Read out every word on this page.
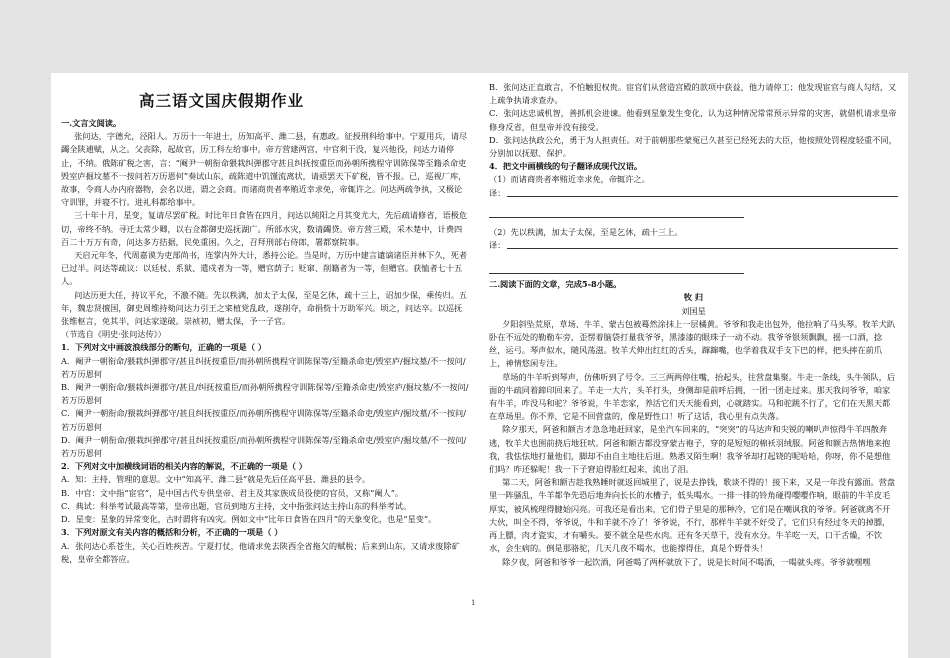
高三语文国庆假期作业
一.文言文阅读。
张问达，字德允，泾阳人。万历十一年进士，历知高平、潍二县，有惠政。征授刑科给事中。宁夏用兵，请尽蠲全陕逋赋，从之。父丧除，起故官，历工科左给事中。帝方营建两宫，中官利干没，复兴他役，问达力请停止，不纳。俄陈矿税之害，言：“阉尹一朝衔命猥栽纠弹郡守甚且纠抚按重臣而孙朝所携程守训陈保等至籍杀命吏毁室庐掘坟墓不一按问若万历恩何”奏试山东，疏陈道中饥馑流离状，请亟罢天下矿税，皆不报。已，巡视厂库，故事，令商人办内府器物，会名以进，谓之会商。而诸商贵者率贿近幸求免，帝辄许之。问达两疏争执，又极论守训罪，并寝不行。进礼科都给事中。
三十年十月，星变，复请尽罢矿税。时比年日食皆在四月，问达以純阳之月其变尤大，先后疏请修省，语极危切，帝终不纳。寻迁太常少卿，以右佥都御史巡抚湖广。所部水灾，数请蠲贷。帝方营三殿，采木楚中，计费四百二十万万有奇，问达多方拮据，民免重困。久之，召拜刑部右侍郎，署都察院事。
天启元年冬，代周嘉谟为吏部尚书，连掌内外大计，悉持公论。当是时，万历中建言谴谪诸臣并林下久，死者已过半。问达等疏议：以廷杖、系狱、遣戍者为一等，赠官荫子；贬窜、削籍者为一等，但赠官。获恤者七十五人。
问达历更大任，持议平允，不激不随。先以秩满，加太子太保，至是乞休，疏十三上，诏加少保，乘传归。五年，魏忠贤擅国，御史周维持劾问达力引王之寀植党乱政，遂削夺，命捐赀十万助军兴。顷之，问达卒。以巡抚张维枢言，免其半，问达家遂破。崇祯初，赠太保，予一子官。
（节选自《明史·张问达传》）
1．下列对文中画波浪线部分的断句，正确的一项是（ ）
A．阉尹一朝衔命/猥栽纠弹郡守/甚且纠抚按重臣/而孙朝所携程守训陈保等/至籍杀命吏/毁室庐/掘坟墓/不一按问/若万历恩何
B．阉尹一朝衔命/猥栽纠弹郡守/甚且/纠抚按重臣/而孙朝所携程守训陈保等/至籍杀命吏/毁室庐/掘坟墓/不一按问/若万历恩何
C．阉尹一朝衔命/猥栽纠弹郡守/甚且纠抚按重臣/而孙朝所携程守训陈保等/至籍杀命吏/毁室庐/掘坟墓/不一按问/若万历恩何
D．阉尹一朝衔命/猥栽纠弹郡守/甚且纠抚按重臣/而孙朝所携程守训陈保等/至籍杀命吏/毁室庐/掘坟墓/不一按问/若万历恩何
2．下列对文中加横线词语的相关内容的解说，不正确的一项是（ ）
A．知：主持、管理的意思。文中“知高平、潍二县”就是先后任高平县、潍县的县令。
B．中官：文中指“宦官”，是中国古代专供皇帝、君主及其家族成员役使的官员，又称“阉人”。
C．典试：科举考试最高等第，皇帝出题，官员到地方主持，文中指张问达主持山东的科举考试。
D．星变：星象的异常变化，古时谓将有凶灾。例如文中“比年日食皆在四月”的天象变化，也是“星变”。
3．下列对原文有关内容的概括和分析，不正确的一项是（ ）
A．张问达心系苍生，关心百姓疾苦。宁夏打仗，他请求免去陕西全省拖欠的赋税；后来到山东，又请求废除矿税，皇帝全都答应。
B．张问达正直敢言，不怕触犯权贵。宦官们从营造宫殿的款项中获益，他力请停工；他发现宦官与商人勾结，又上疏争执请求查办。
C．张问达忠诚机智，善抓机会进谏。他看到星象发生变化，认为这种情况常常预示异常的灾害，就借机请求皇帝修身反省，但皇帝并没有接受。
D．张问达执政公允，勇于为人担责任。对于前朝那些蒙冤已久甚至已经死去的大臣，他按照处罚程度轻重不同，分别加以抚慰、保护。
4．把文中画横线的句子翻译成现代汉语。
（1）而诸商贵者率贿近幸求免，帝辄许之。
译：
（2）先以秩满，加太子太保，至是乞休，疏十三上。
译：
二.阅读下面的文章，完成5-8小题。
牧 归
刘国星
夕阳斜坠荒原，草场、牛羊、蒙古包被蓦然涂抹上一层橘黄。爷爷和我走出包外，他拉响了马头琴。牧羊犬趴卧在不远处的勒勒车旁，歪愣着脑袋打量我爷爷，黑漆漆的眼珠子一动不动。我爷爷银须飘飘，摇一口酒，捻丝，运弓。琴声似水，随风荡滋。牧羊犬伸出红红的舌头，蹿蹿嘴，也学着我双手支下巴的样，把头摔在前爪上，神情悠闲专注。
草场的牛羊听到琴声，仿佛听到了号令。三三两两停住嘴，抬起头，往营盘集聚。牛走一条线，头牛领队，后面的牛疏同着蹄印回来了。羊走一大片，头羊打头，身侧却是前呼后拥，一团一团走过来。那天我问爷爷，咱家有牛羊，咋没马和驼？爷爷说，牛羊恋家，养活它们天天能看到，心就踏实。马和驼跳不行了，它们在天黑天都在草场里。你不养，它是不回营盘的，像是野性口！听了这话，我心里有点失落。
除夕那天，阿爸和额吉才急急地赶回家，是坐汽车回来的，“突突”的马达声和尖锐的喇叭声惊得牛羊四散奔逃，牧羊犬也围前挠后地狂吠。阿爸和额吉都没穿蒙古袍子，穿的是短短的棉袄羽绒服。阿爸和额吉热情地来抱我，我怯怯地打量他们，脚却不由自主地往后退。熟悉又陌生啊！我爷爷却打起铙的呢哈哈，你呀，你不是想他们吗？咋还躲呢！我一下子窘迫得脸红起来，流出了泪。
第二天，阿爸和额吉趁我熟睡时就返回城里了，说是去挣钱，歌谈不得的！接下来，又是一年没有露面。营盘里一阵骚乱，牛羊都争先恐后地奔向长长的水槽子，低头喝水。一排一排的铃角碰得嘤嘤作响，眼前的牛羊皮毛厚实，被风梳理得腱始闪亮。可我还是看出来，它们骨子里是的那种冷，它们是在嘲讽我的爷爷。阿爸就离不开大伙，叫全不得，爷爷说，牛和羊就不冷了！爷爷说，不行，那样牛羊就不好受了，它们只有经过冬天的掉膘，再上膘，肉才瓷实，才有嚼头。要不就全是些水肉。还有冬天草干，没有水分。牛羊吃一天，口干舌燥，不饮水，会生病的。倒是那骆驼，几天几夜不喝水，也能撑得住，真是个野骨头！
除夕夜，阿爸和爷爷一起饮酒，阿爸喝了两杯就放下了，说是长时间不喝酒，一喝就头疼。爷爷就嘿嘿
1
